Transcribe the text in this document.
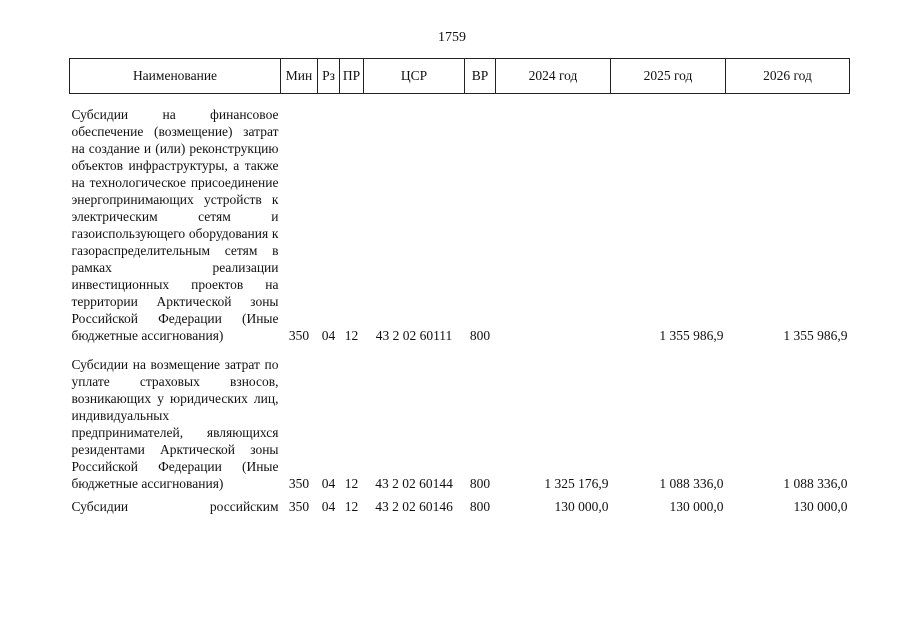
1759
Наименование	Мин	Рз	ПР	ЦСР	ВР	2024 год	2025 год	2026 год

Субсидии на финансовое обеспечение (возмещение) затрат на создание и (или) реконструкцию объектов инфраструктуры, а также на технологическое присоединение энергопринимающих устройств к электрическим сетям и газоиспользующего оборудования к газораспределительным сетям в рамках реализации инвестиционных проектов на территории Арктической зоны Российской Федерации (Иные бюджетные ассигнования)	350	04	12	43 2 02 60111	800		1 355 986,9	1 355 986,9

Субсидии на возмещение затрат по уплате страховых взносов, возникающих у юридических лиц, индивидуальных предпринимателей, являющихся резидентами Арктической зоны Российской Федерации (Иные бюджетные ассигнования)	350	04	12	43 2 02 60144	800	1 325 176,9	1 088 336,0	1 088 336,0

Субсидии российским	350	04	12	43 2 02 60146	800	130 000,0	130 000,0	130 000,0
